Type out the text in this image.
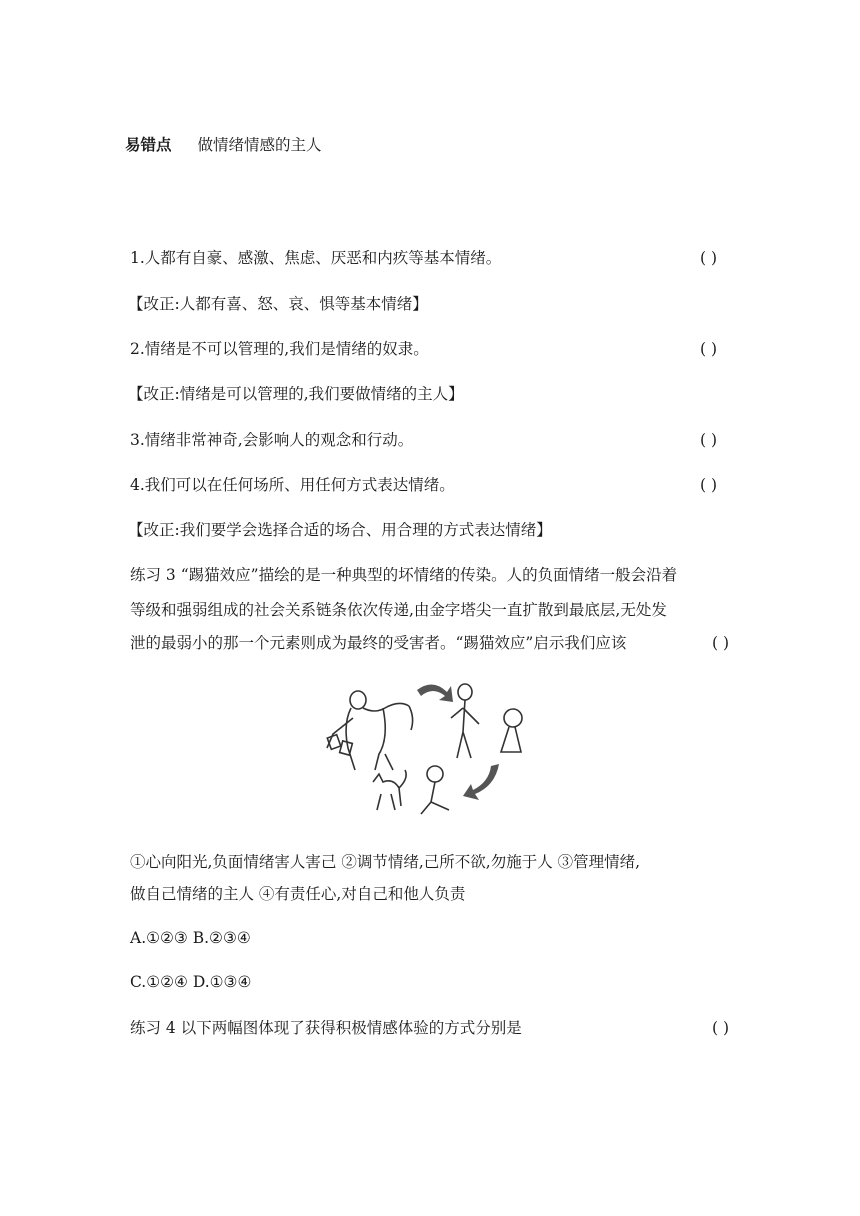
易错点 做情绪情感的主人
1.人都有自豪、感激、焦虑、厌恶和内疚等基本情绪。	( )
【改正:人都有喜、怒、哀、惧等基本情绪】
2.情绪是不可以管理的,我们是情绪的奴隶。	( )
【改正:情绪是可以管理的,我们要做情绪的主人】
3.情绪非常神奇,会影响人的观念和行动。	( )
4.我们可以在任何场所、用任何方式表达情绪。	( )
【改正:我们要学会选择合适的场合、用合理的方式表达情绪】
练习 3 “踢猫效应”描绘的是一种典型的坏情绪的传染。人的负面情绪一般会沿着
等级和强弱组成的社会关系链条依次传递,由金字塔尖一直扩散到最底层,无处发
泄的最弱小的那一个元素则成为最终的受害者。“踢猫效应”启示我们应该	( )
①心向阳光,负面情绪害人害己 ②调节情绪,己所不欲,勿施于人 ③管理情绪,
做自己情绪的主人 ④有责任心,对自己和他人负责
A.①②③ B.②③④
C.①②④ D.①③④
练习 4 以下两幅图体现了获得积极情感体验的方式分别是	( )
